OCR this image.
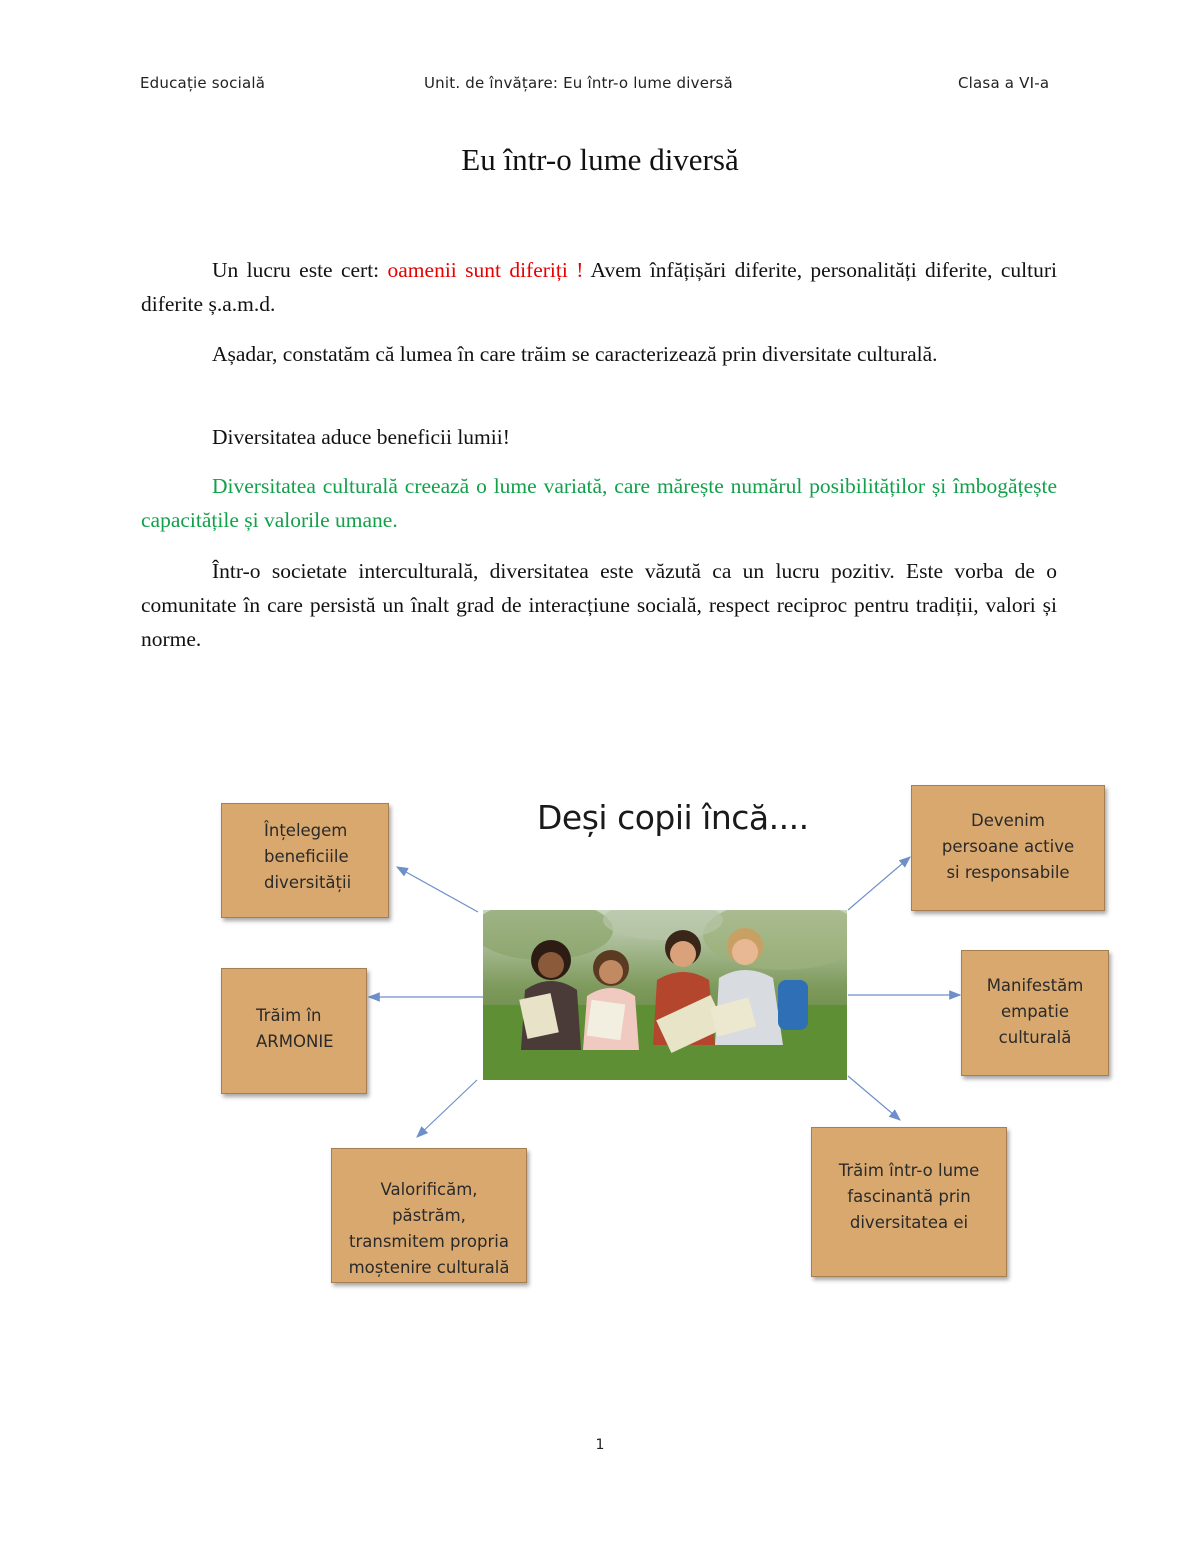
Educație socială	Unit. de învățare: Eu într-o lume diversă	Clasa a VI-a
Eu într-o lume diversă

Un lucru este cert: oamenii sunt diferiți ! Avem înfățișări diferite, personalități diferite, culturi diferite ș.a.m.d.

Așadar, constatăm că lumea în care trăim se caracterizează prin diversitate culturală.

Diversitatea aduce beneficii lumii!

Diversitatea culturală creează o lume variată, care mărește numărul posibilităților și îmbogățește capacitățile și valorile umane.

Într-o societate interculturală, diversitatea este văzută ca un lucru pozitiv. Este vorba de o comunitate în care persistă un înalt grad de interacțiune socială, respect reciproc pentru tradiții, valori și norme.

Deși copii încă....
Înțelegem beneficiile diversității
Trăim în ARMONIE
Valorificăm, păstrăm, transmitem propria moștenire culturală
Devenim persoane active si responsabile
Manifestăm empatie culturală
Trăim într-o lume fascinantă prin diversitatea ei
1
